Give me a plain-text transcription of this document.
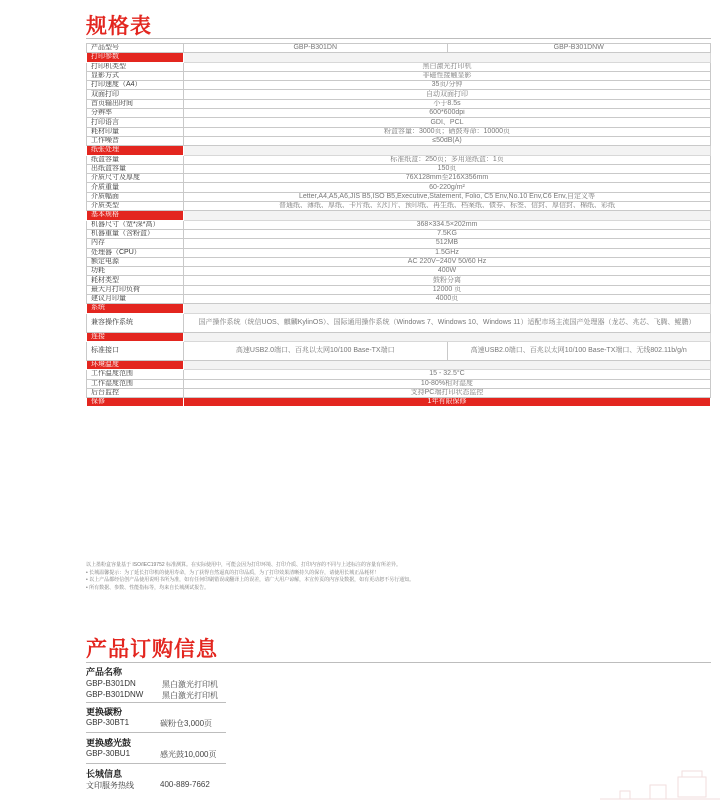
规格表
产品型号	GBP-B301DN	GBP-B301DNW
打印参数		
打印机类型	黑白激光打印机	
显影方式	非磁性接触显影	
打印速度（A4）	35页/分钟	
双面打印	自动双面打印	
首页输出时间	小于8.5s	
分辨率	600*600dpi	
打印语言	GDI、PCL	
耗材印量	粉盒容量：3000页；硒鼓寿命：10000页	
工作噪音	≤50dB(A)	
纸张处理		
纸盒容量	标准纸盒：250页；多用途纸盒：1页	
出纸盒容量	150页	
介质尺寸及厚度	76X128mm至216X356mm	
介质重量	60-220g/m²	
介质幅面	Letter,A4,A5,A6,JIS B5,ISO B5,Executive,Statement, Folio, C5 Env,No.10 Env,C6 Env,自定义等	
介质类型	普通纸、薄纸、厚纸、卡片纸、幻灯片、预印纸、再生纸、档案纸、债券、标签、信封、厚信封、棉纸、彩纸	
基本规格		
机器尺寸（宽*深*高）	368×334.5×202mm	
机器重量（含粉盒）	7.5KG	
内存	512MB	
处理器（CPU）	1.5GHz	
额定电源	AC 220V~240V 50/60 Hz	
功耗	400W	
耗材类型	鼓粉分离	
最大月打印负荷	12000 页	
建议月印量	4000页	
系统		
兼容操作系统	国产操作系统（统信UOS、麒麟KylinOS）、国际通用操作系统（Windows 7、Windows 10、Windows 11）适配市场主流国产处理器（龙芯、兆芯、飞腾、鲲鹏）	
连接		
标准接口	高速USB2.0端口、百兆以太网10/100 Base-TX端口	高速USB2.0端口、百兆以太网10/100 Base-TX端口、无线802.11b/g/n
环境温度		
工作温度范围	15 - 32.5°C	
工作湿度范围	10-80%相对湿度	
后台监控	支持PC端打印状态监控	
保修	1年有限保修	
以上墨粉盒容量基于 ISO/IEC19752 标准测算。在实际使用中，可能会因为打印环境、打印介质、打印内容的不同与上述标注的容量有所差异。
• 长城温馨提示：为了延长打印机的使用寿命，为了获得自然逼真的打印品质，为了打印效果清晰持久的保存，请使用长城正品耗材！
• 以上产品都经信创产品使用说明书所为准，如有任何印刷错误或翻译上的误差，请广大用户谅解，本宣传页的内容及数据，如有更动恕不另行通知。
• 所有数据、参数、性能指标等，均来自长城测试报告。
产品订购信息
产品名称
GBP-B301DN	黑白激光打印机
GBP-B301DNW 黑白激光打印机
更换碳粉
GBP-30BT1	碳粉仓3,000页
更换感光鼓
GBP-30BU1	感光鼓10,000页
长城信息
文印服务热线	400-889-7662
